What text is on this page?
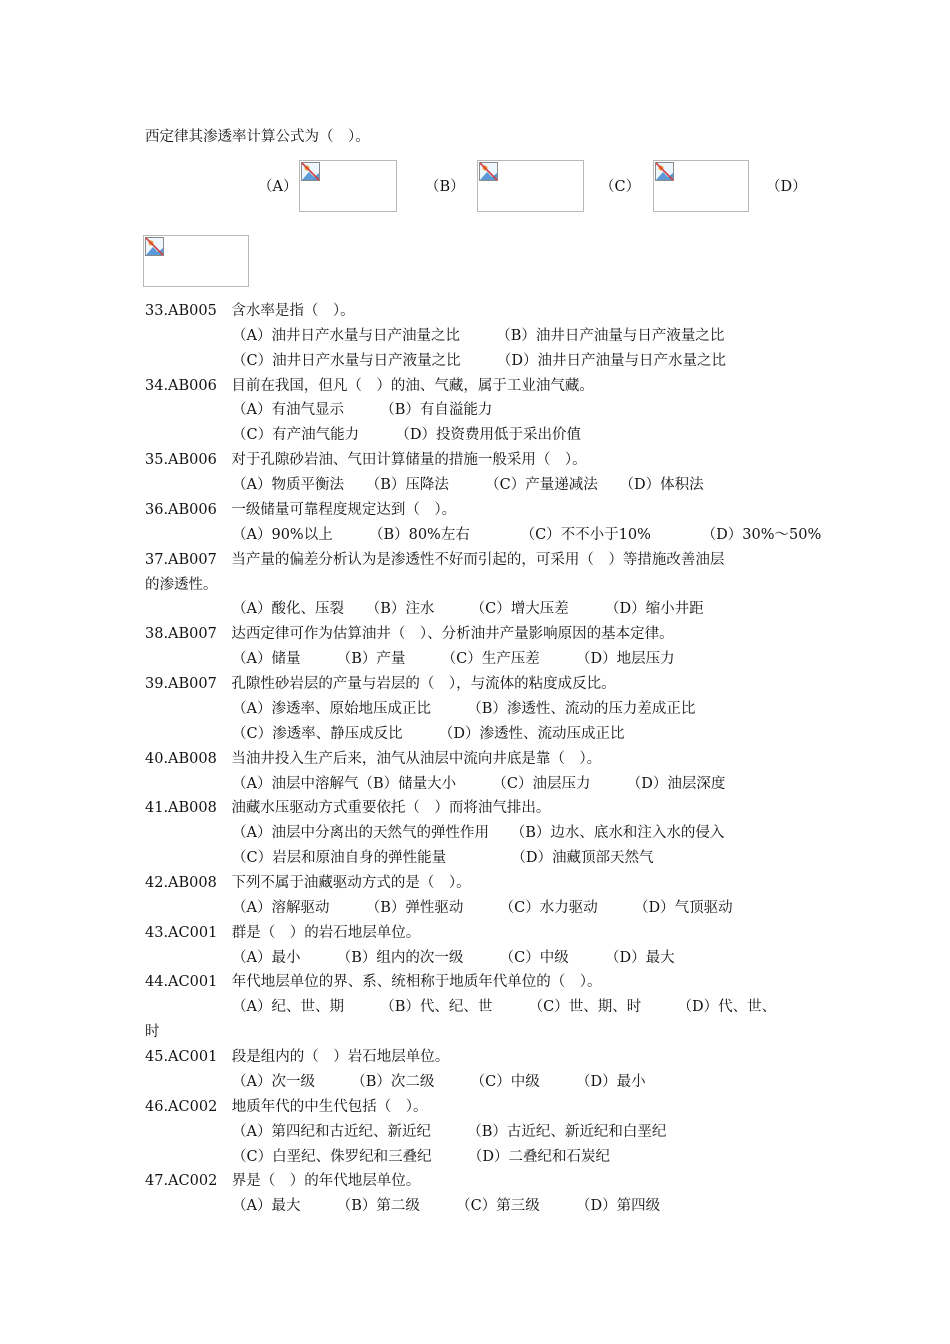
西定律其渗透率计算公式为（　）。
（A）	（B）	（C）	（D）
33.AB005　含水率是指（　）。
（A）油井日产水量与日产油量之比　　　（B）油井日产油量与日产液量之比
（C）油井日产水量与日产液量之比　　　（D）油井日产油量与日产水量之比
34.AB006　目前在我国，但凡（　）的油、气藏，属于工业油气藏。
（A）有油气显示　　　（B）有自溢能力
（C）有产油气能力　　　（D）投资费用低于采出价值
35.AB006　对于孔隙砂岩油、气田计算储量的措施一般采用（　）。
（A）物质平衡法　　（B）压降法　　　（C）产量递减法　　（D）体积法
36.AB006　一级储量可靠程度规定达到（　）。
（A）90%以上　　　（B）80%左右　　　　（C）不不小于10%　　　　（D）30%～50%
37.AB007　当产量的偏差分析认为是渗透性不好而引起的，可采用（　）等措施改善油层
的渗透性。
（A）酸化、压裂　　（B）注水　　　（C）增大压差　　　（D）缩小井距
38.AB007　达西定律可作为估算油井（　）、分析油井产量影响原因的基本定律。
（A）储量　　　（B）产量　　　（C）生产压差　　　（D）地层压力
39.AB007　孔隙性砂岩层的产量与岩层的（　），与流体的粘度成反比。
（A）渗透率、原始地压成正比　　　（B）渗透性、流动的压力差成正比
（C）渗透率、静压成反比　　　（D）渗透性、流动压成正比
40.AB008　当油井投入生产后来，油气从油层中流向井底是靠（　）。
（A）油层中溶解气（B）储量大小　　　（C）油层压力　　　（D）油层深度
41.AB008　油藏水压驱动方式重要依托（　）而将油气排出。
（A）油层中分离出的天然气的弹性作用　　（B）边水、底水和注入水的侵入
（C）岩层和原油自身的弹性能量　　　　　（D）油藏顶部天然气
42.AB008　下列不属于油藏驱动方式的是（　）。
（A）溶解驱动　　　（B）弹性驱动　　　（C）水力驱动　　　（D）气顶驱动
43.AC001　群是（　）的岩石地层单位。
（A）最小　　　（B）组内的次一级　　　（C）中级　　　（D）最大
44.AC001　年代地层单位的界、系、统相称于地质年代单位的（　）。
（A）纪、世、期　　　（B）代、纪、世　　　（C）世、期、时　　　（D）代、世、
时
45.AC001　段是组内的（　）岩石地层单位。
（A）次一级　　　（B）次二级　　　（C）中级　　　（D）最小
46.AC002　地质年代的中生代包括（　）。
（A）第四纪和古近纪、新近纪　　　（B）古近纪、新近纪和白垩纪
（C）白垩纪、侏罗纪和三叠纪　　　（D）二叠纪和石炭纪
47.AC002　界是（　）的年代地层单位。
（A）最大　　　（B）第二级　　　（C）第三级　　　（D）第四级
